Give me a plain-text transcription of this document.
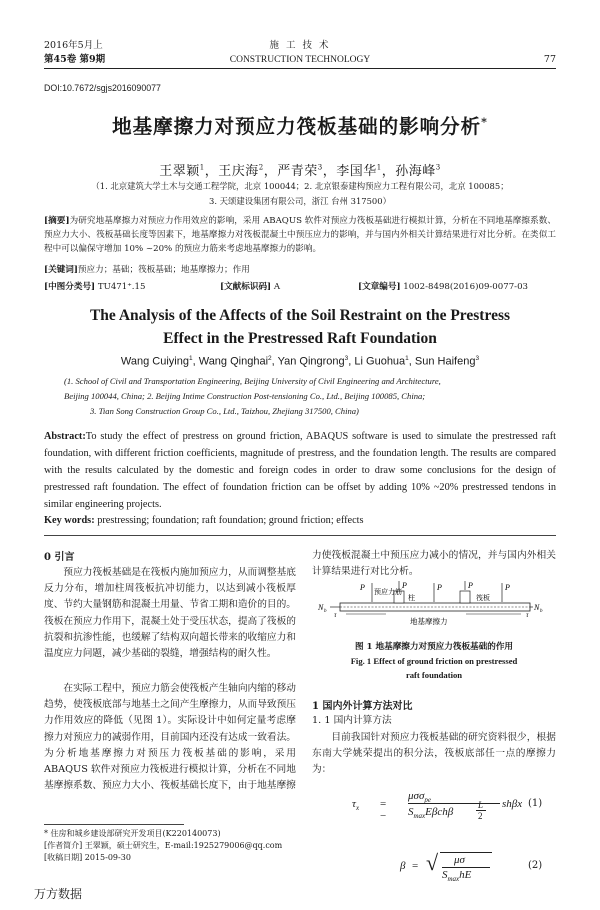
2016年5月上
第45卷 第9期
施 工 技 术
CONSTRUCTION TECHNOLOGY	77
DOI:10.7672/sgjs2016090077
地基摩擦力对预应力筏板基础的影响分析*
王翠颖$^1$，王庆海$^2$，严青荣$^3$，李国华$^1$，孙海峰$^3$
（1. 北京建筑大学土木与交通工程学院，北京 100044；2. 北京银泰建构预应力工程有限公司，北京 100085；
3. 天颂建设集团有限公司，浙江 台州 317500）
[摘要]为研究地基摩擦力对预应力作用效应的影响，采用 ABAQUS 软件对预应力筏板基础进行模拟计算，分析在不同地基摩擦系数、预应力大小、筏板基础长度等因素下，地基摩擦力对筏板混凝土中预压应力的影响，并与国内外相关计算结果进行对比分析。在类似工程中可以偏保守增加 10% ~20% 的预应力筋来考虑地基摩擦力的影响。
[关键词]预应力；基础；筏板基础；地基摩擦力；作用
[中图分类号] TU471⁺.15	[文献标识码] A	[文章编号] 1002-8498(2016)09-0077-03
The Analysis of the Affects of the Soil Restraint on the Prestress
Effect in the Prestressed Raft Foundation
Wang Cuiying$^1$, Wang Qinghai$^2$, Yan Qingrong$^3$, Li Guohua$^1$, Sun Haifeng$^3$
(1. School of Civil and Transportation Engineering, Beijing University of Civil Engineering and Architecture,
Beijing 100044, China; 2. Beijing Intime Construction Post-tensioning Co., Ltd., Beijing 100085, China;
3. Tian Song Construction Group Co., Ltd., Taizhou, Zhejiang 317500, China)
Abstract:To study the effect of prestress on ground friction, ABAQUS software is used to simulate the prestressed raft foundation, with different friction coefficients, magnitude of prestress, and the foundation length. The results are compared with the results calculated by the domestic and foreign codes in order to draw some conclusions for the design of prestressed raft foundation. The effect of foundation friction can be offset by adding 10% ~20% prestressed tendons in similar engineering projects.
Key words: prestressing; foundation; raft foundation; ground friction; effects
0 引言
预应力筏板基础是在筏板内施加预应力，从而调整基底反力分布，增加柱周筏板抗冲切能力，以达到减小筏板厚度、节约大量钢筋和混凝土用量、节省工期和造价的目的。筏板在预应力作用下，混凝土处于受压状态，提高了筏板的抗裂和抗渗性能，也缓解了结构双向超长带来的收缩应力和温度应力问题，减少基础的裂缝，增强结构的耐久性。
在实际工程中，预应力筋会使筏板产生轴向内缩的移动趋势，使筏板底部与地基土之间产生摩擦力，从而导致预压力作用效应的降低（见图 1）。实际设计中如何定量考虑摩擦力对预应力的减弱作用，目前国内还没有达成一致看法。为分析地基摩擦力对预压力筏板基础的影响，采用 ABAQUS 软件对预应力筏板进行模拟计算，分析在不同地基摩擦系数、预应力大小、筏板基础长度下，由于地基摩擦
力使筏板混凝土中预压应力减小的情况，并与国内外相关计算结果进行对比分析。
P	P	P	P	P
预应力筋
柱	筏板
N b	N b
τ	τ
地基摩擦力
图 1 地基摩擦力对预应力筏板基础的作用
Fig. 1 Effect of ground friction on prestressed
raft foundation
1 国内外计算方法对比
1. 1 国内计算方法
目前我国针对预应力筏板基础的研究资料很少，根据东南大学姚荣提出的积分法，筏板底部任一点的摩擦力为：
$\tau_x$ = −
μσσ$_{pe}$
$S_{max}E\beta ch\beta$
L
2
shβx (1)
β = √ μσ
$S_{max}hE$
(2)
* 住房和城乡建设部研究开发项目(K220140073)
[作者简介] 王翠颖，硕士研究生，E-mail:1925279006@qq.com
[收稿日期] 2015-09-30
万方数据
